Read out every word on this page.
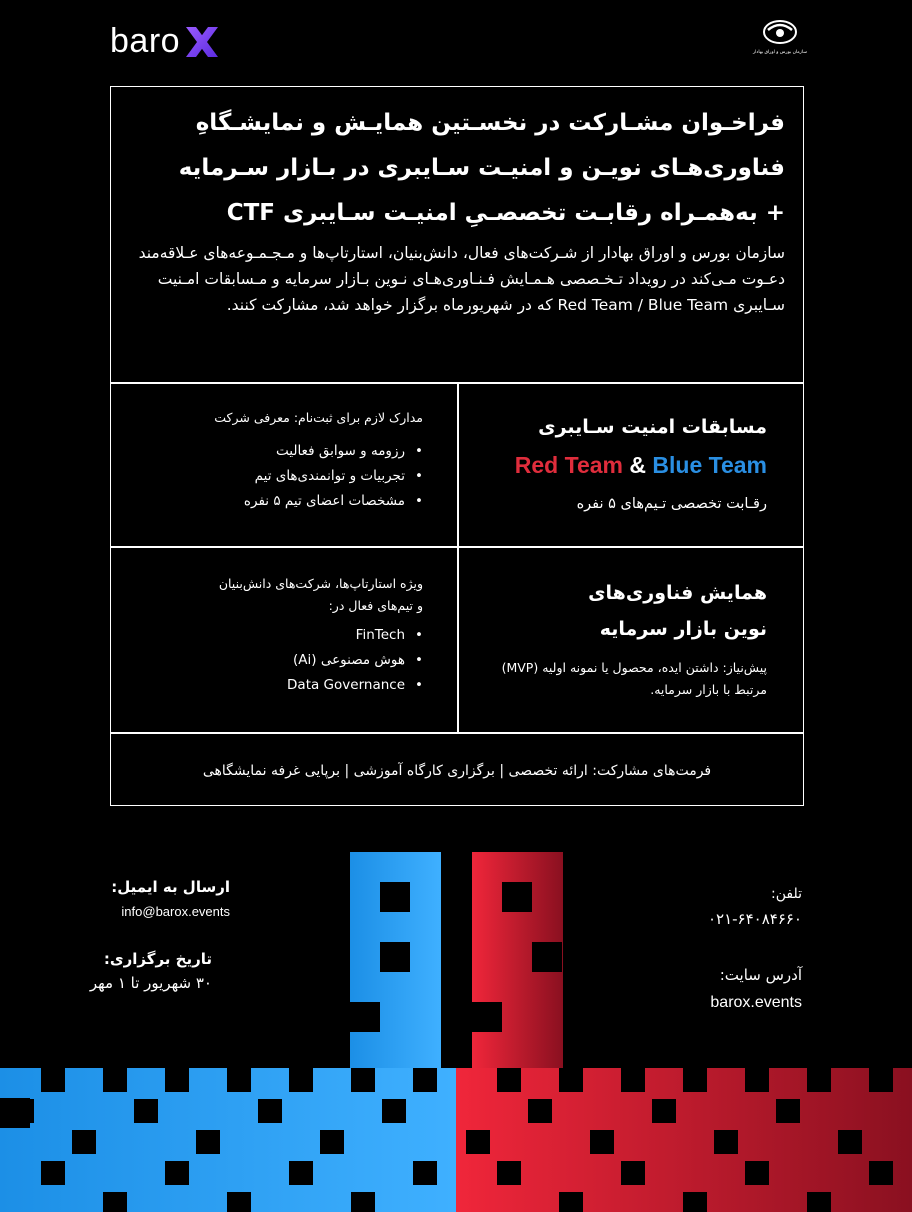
baro	سازمان بورس و اوراق بهادار

فراخـوان مشـارکت در نخسـتین همایـش و نمایشـگاهِ

فناوری‌هـای نویـن و امنیـت سـایبری در بـازار سـرمایه

+ به‌همـراه رقابـت تخصصـیِ امنیـت سـایبری CTF

سازمان بورس و اوراق بهادار از شـرکت‌های فعال، دانش‌بنیان، استارتاپ‌ها و مـجـمـوعه‌های عـلاقه‌مند دعـوت مـی‌کند در رویداد تـخـصصی هـمـایش فـنـاوری‌هـای نـوین بـازار سرمایه و مـسابقات امـنیت سـایبری Red Team / Blue Team که در شهریورماه برگزار خواهد شد، مشارکت کنند.

مسابقات امنیت سـایبری

Red Team & Blue Team

رقـابت تخصصی تـیم‌های ۵ نفره

مدارک لازم برای ثبت‌نام: معرفی شرکت

• رزومه و سوابق فعالیت
• تجربیات و توانمندی‌های تیم
• مشخصات اعضای تیم ۵ نفره

همایش فناوری‌های

نوین بازار سرمایه

پیش‌نیاز: داشتن ایده، محصول یا نمونه اولیه (MVP) مرتبط با بازار سرمایه.

ویژه استارتاپ‌ها، شرکت‌های دانش‌بنیان و تیم‌های فعال در:

• FinTech
• هوش مصنوعی (Ai)
• Data Governance
فرمت‌های مشارکت: ارائه تخصصی | برگزاری کارگاه آموزشی | برپایی غرفه نمایشگاهی
ارسال به ایمیل:
info@barox.events
تاریخ برگزاری:
۳۰ شهریور تا ۱ مهر
تلفن:
۰۲۱-۶۴۰۸۴۶۶۰
آدرس سایت:
barox.events
